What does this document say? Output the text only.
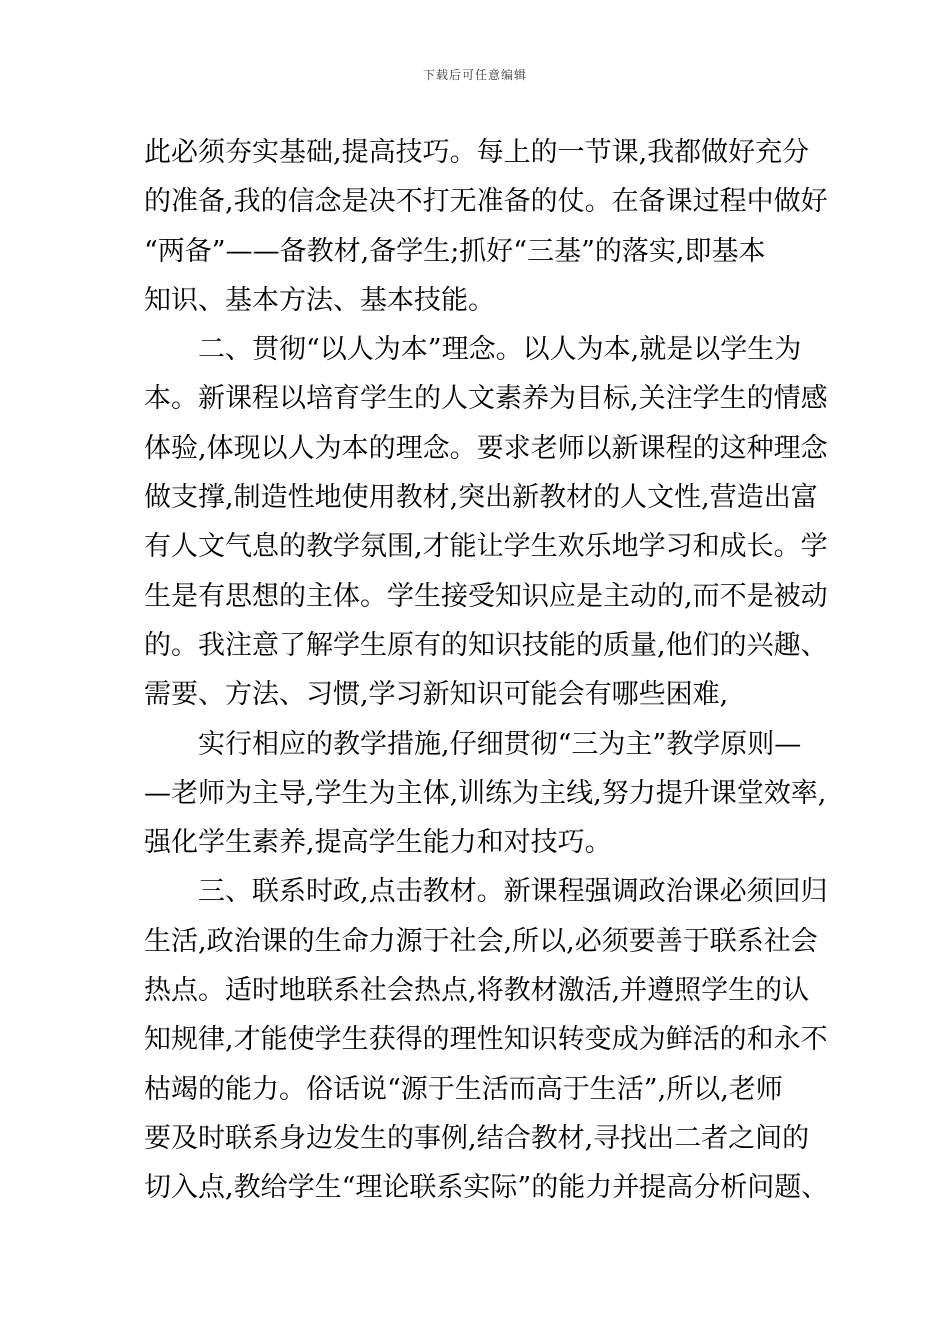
下载后可任意编辑
此必须夯实基础,提高技巧。每上的一节课,我都做好充分
的准备,我的信念是决不打无准备的仗。在备课过程中做好
“两备”——备教材,备学生;抓好“三基”的落实,即基本
知识、基本方法、基本技能。
　　二、贯彻“以人为本”理念。以人为本,就是以学生为
本。新课程以培育学生的人文素养为目标,关注学生的情感
体验,体现以人为本的理念。要求老师以新课程的这种理念
做支撑,制造性地使用教材,突出新教材的人文性,营造出富
有人文气息的教学氛围,才能让学生欢乐地学习和成长。学
生是有思想的主体。学生接受知识应是主动的,而不是被动
的。我注意了解学生原有的知识技能的质量,他们的兴趣、
需要、方法、习惯,学习新知识可能会有哪些困难,
　　实行相应的教学措施,仔细贯彻“三为主”教学原则—
—老师为主导,学生为主体,训练为主线,努力提升课堂效率,
强化学生素养,提高学生能力和对技巧。
　　三、联系时政,点击教材。新课程强调政治课必须回归
生活,政治课的生命力源于社会,所以,必须要善于联系社会
热点。适时地联系社会热点,将教材激活,并遵照学生的认
知规律,才能使学生获得的理性知识转变成为鲜活的和永不
枯竭的能力。俗话说“源于生活而高于生活”,所以,老师
要及时联系身边发生的事例,结合教材,寻找出二者之间的
切入点,教给学生“理论联系实际”的能力并提高分析问题、
